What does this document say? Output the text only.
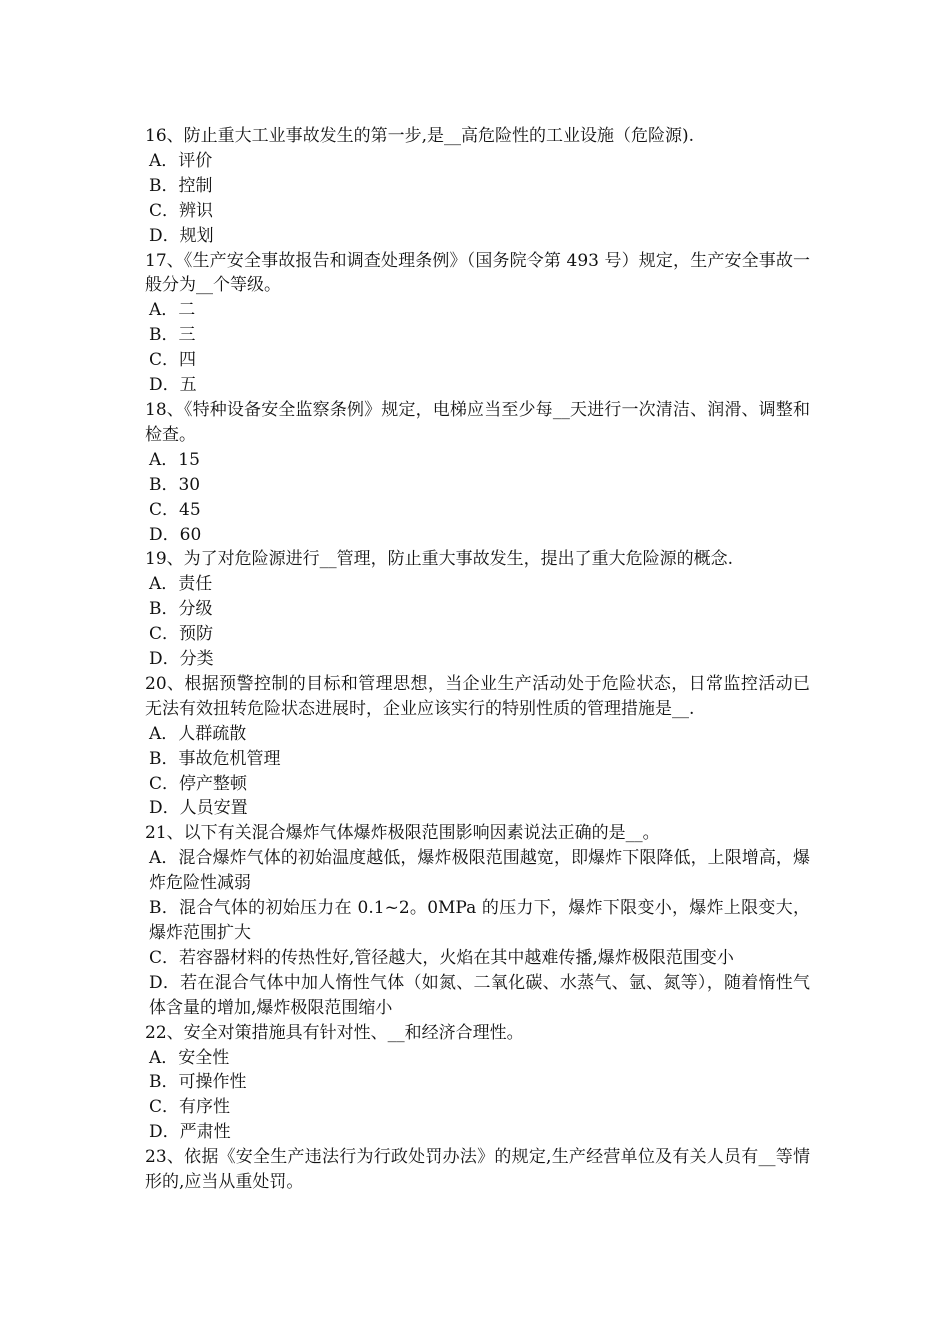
16、防止重大工业事故发生的第一步,是__高危险性的工业设施（危险源).
A．评价
B．控制
C．辨识
D．规划
17、《生产安全事故报告和调查处理条例》（国务院令第 493 号）规定，生产安全事故一般分为__个等级。
A．二
B．三
C．四
D．五
18、《特种设备安全监察条例》规定，电梯应当至少每__天进行一次清洁、润滑、调整和检查。
A．15
B．30
C．45
D．60
19、为了对危险源进行__管理，防止重大事故发生，提出了重大危险源的概念.
A．责任
B．分级
C．预防
D．分类
20、根据预警控制的目标和管理思想，当企业生产活动处于危险状态，日常监控活动已无法有效扭转危险状态进展时，企业应该实行的特别性质的管理措施是__.
A．人群疏散
B．事故危机管理
C．停产整顿
D．人员安置
21、以下有关混合爆炸气体爆炸极限范围影响因素说法正确的是__。
A．混合爆炸气体的初始温度越低，爆炸极限范围越宽，即爆炸下限降低，上限增高，爆炸危险性减弱
B．混合气体的初始压力在 0.1~2。0MPa 的压力下，爆炸下限变小，爆炸上限变大，爆炸范围扩大
C．若容器材料的传热性好,管径越大，火焰在其中越难传播,爆炸极限范围变小
D．若在混合气体中加人惰性气体（如氮、二氧化碳、水蒸气、氩、氮等），随着惰性气体含量的增加,爆炸极限范围缩小
22、安全对策措施具有针对性、__和经济合理性。
A．安全性
B．可操作性
C．有序性
D．严肃性
23、依据《安全生产违法行为行政处罚办法》的规定,生产经营单位及有关人员有__等情形的,应当从重处罚。
